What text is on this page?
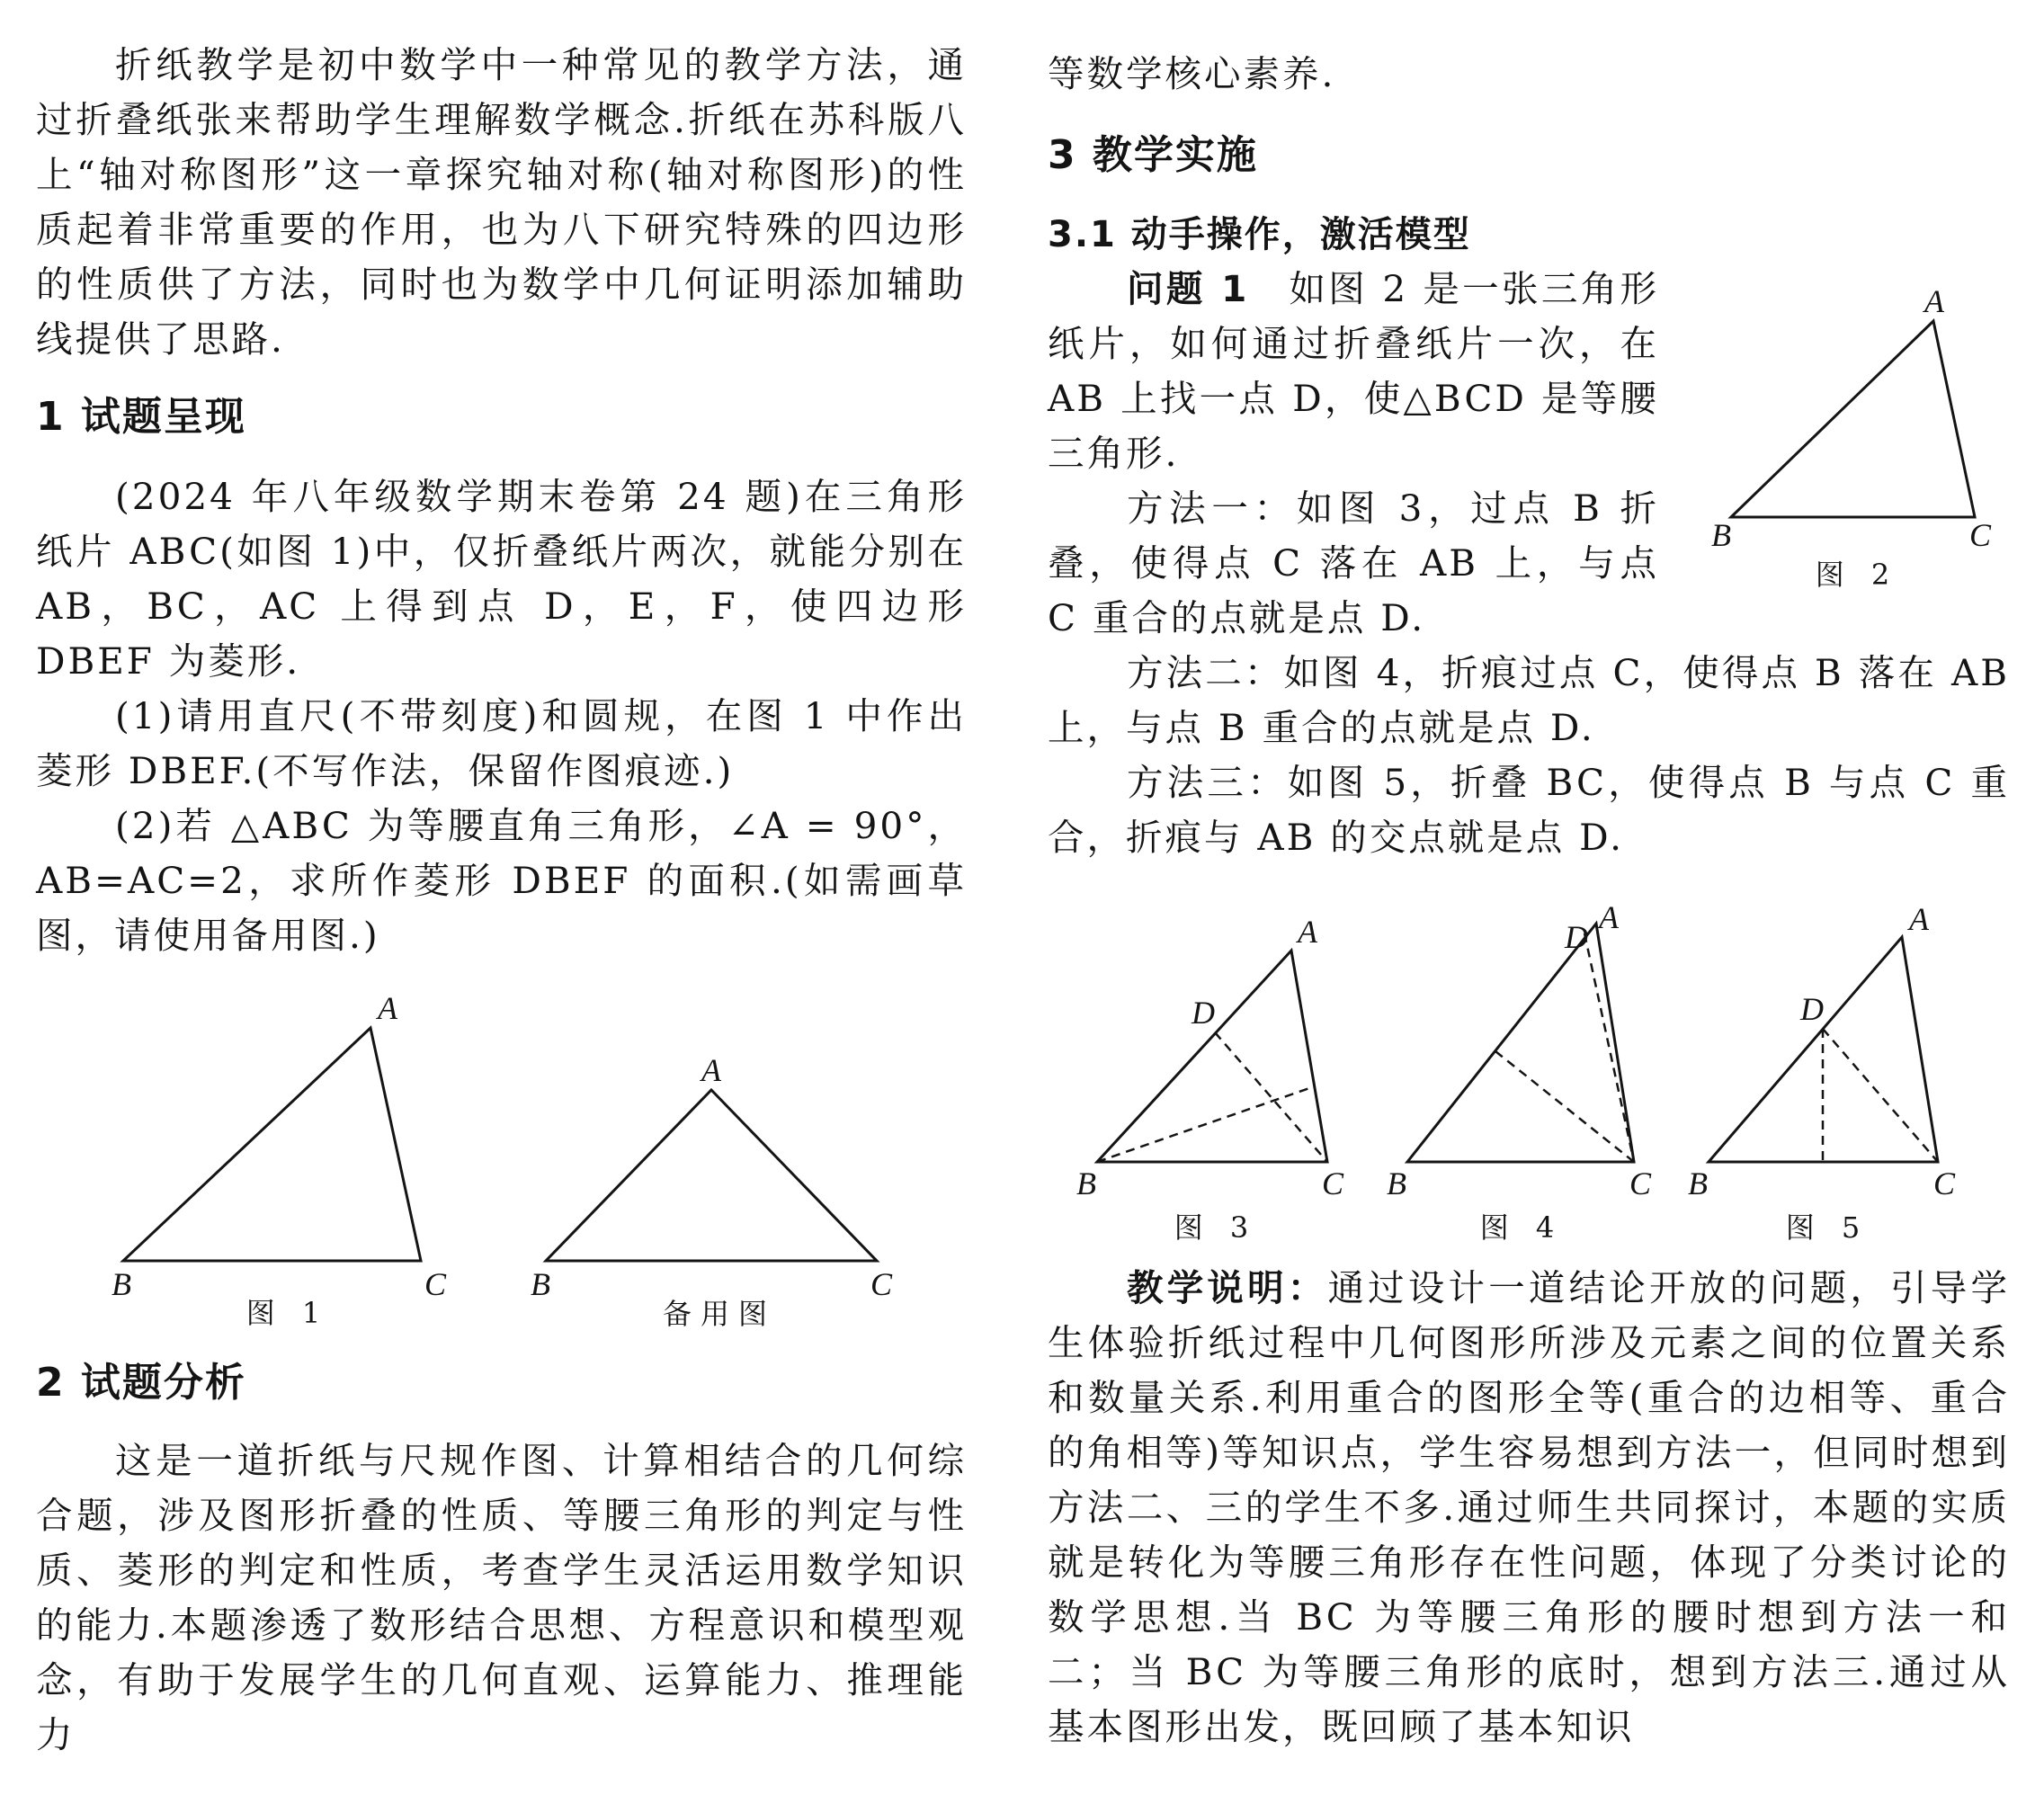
折纸教学是初中数学中一种常见的教学方法，通过折叠纸张来帮助学生理解数学概念.折纸在苏科版八上“轴对称图形”这一章探究轴对称(轴对称图形)的性质起着非常重要的作用，也为八下研究特殊的四边形的性质供了方法，同时也为数学中几何证明添加辅助线提供了思路.

1 试题呈现

(2024 年八年级数学期末卷第 24 题)在三角形纸片 ABC(如图 1)中，仅折叠纸片两次，就能分别在 AB，BC，AC 上得到点 D，E，F，使四边形 DBEF 为菱形.

(1)请用直尺(不带刻度)和圆规，在图 1 中作出菱形 DBEF.(不写作法，保留作图痕迹.)

(2)若 △ABC 为等腰直角三角形，∠A = 90°，AB=AC=2，求所作菱形 DBEF 的面积.(如需画草图，请使用备用图.)

A
B	C
图 1
A
B	C
备用图
2 试题分析

这是一道折纸与尺规作图、计算相结合的几何综合题，涉及图形折叠的性质、等腰三角形的判定与性质、菱形的判定和性质，考查学生灵活运用数学知识的能力.本题渗透了数形结合思想、方程意识和模型观念，有助于发展学生的几何直观、运算能力、推理能力

等数学核心素养.

3 教学实施
3.1 动手操作，激活模型

问题 1　 如图 2 是一张三角形纸片，如何通过折叠纸片一次，在 AB 上找一点 D，使△BCD 是等腰三角形.

方法一：如图 3，过点 B 折叠，使得点 C 落在 AB 上，与点 C 重合的点就是点 D.

方法二：如图 4，折痕过点 C，使得点 B 落在 AB 上，与点 B 重合的点就是点 D.

方法三：如图 5，折叠 BC，使得点 B 与点 C 重合，折痕与 AB 的交点就是点 D.

A
B	C
图 2
A
D
B	C
图 3
A
D
B	C
图 4
A
D
B	C
图 5

教学说明：通过设计一道结论开放的问题，引导学生体验折纸过程中几何图形所涉及元素之间的位置关系和数量关系.利用重合的图形全等(重合的边相等、重合的角相等)等知识点，学生容易想到方法一，但同时想到方法二、三的学生不多.通过师生共同探讨，本题的实质就是转化为等腰三角形存在性问题，体现了分类讨论的数学思想.当 BC 为等腰三角形的腰时想到方法一和二；当 BC 为等腰三角形的底时，想到方法三.通过从基本图形出发，既回顾了基本知识
